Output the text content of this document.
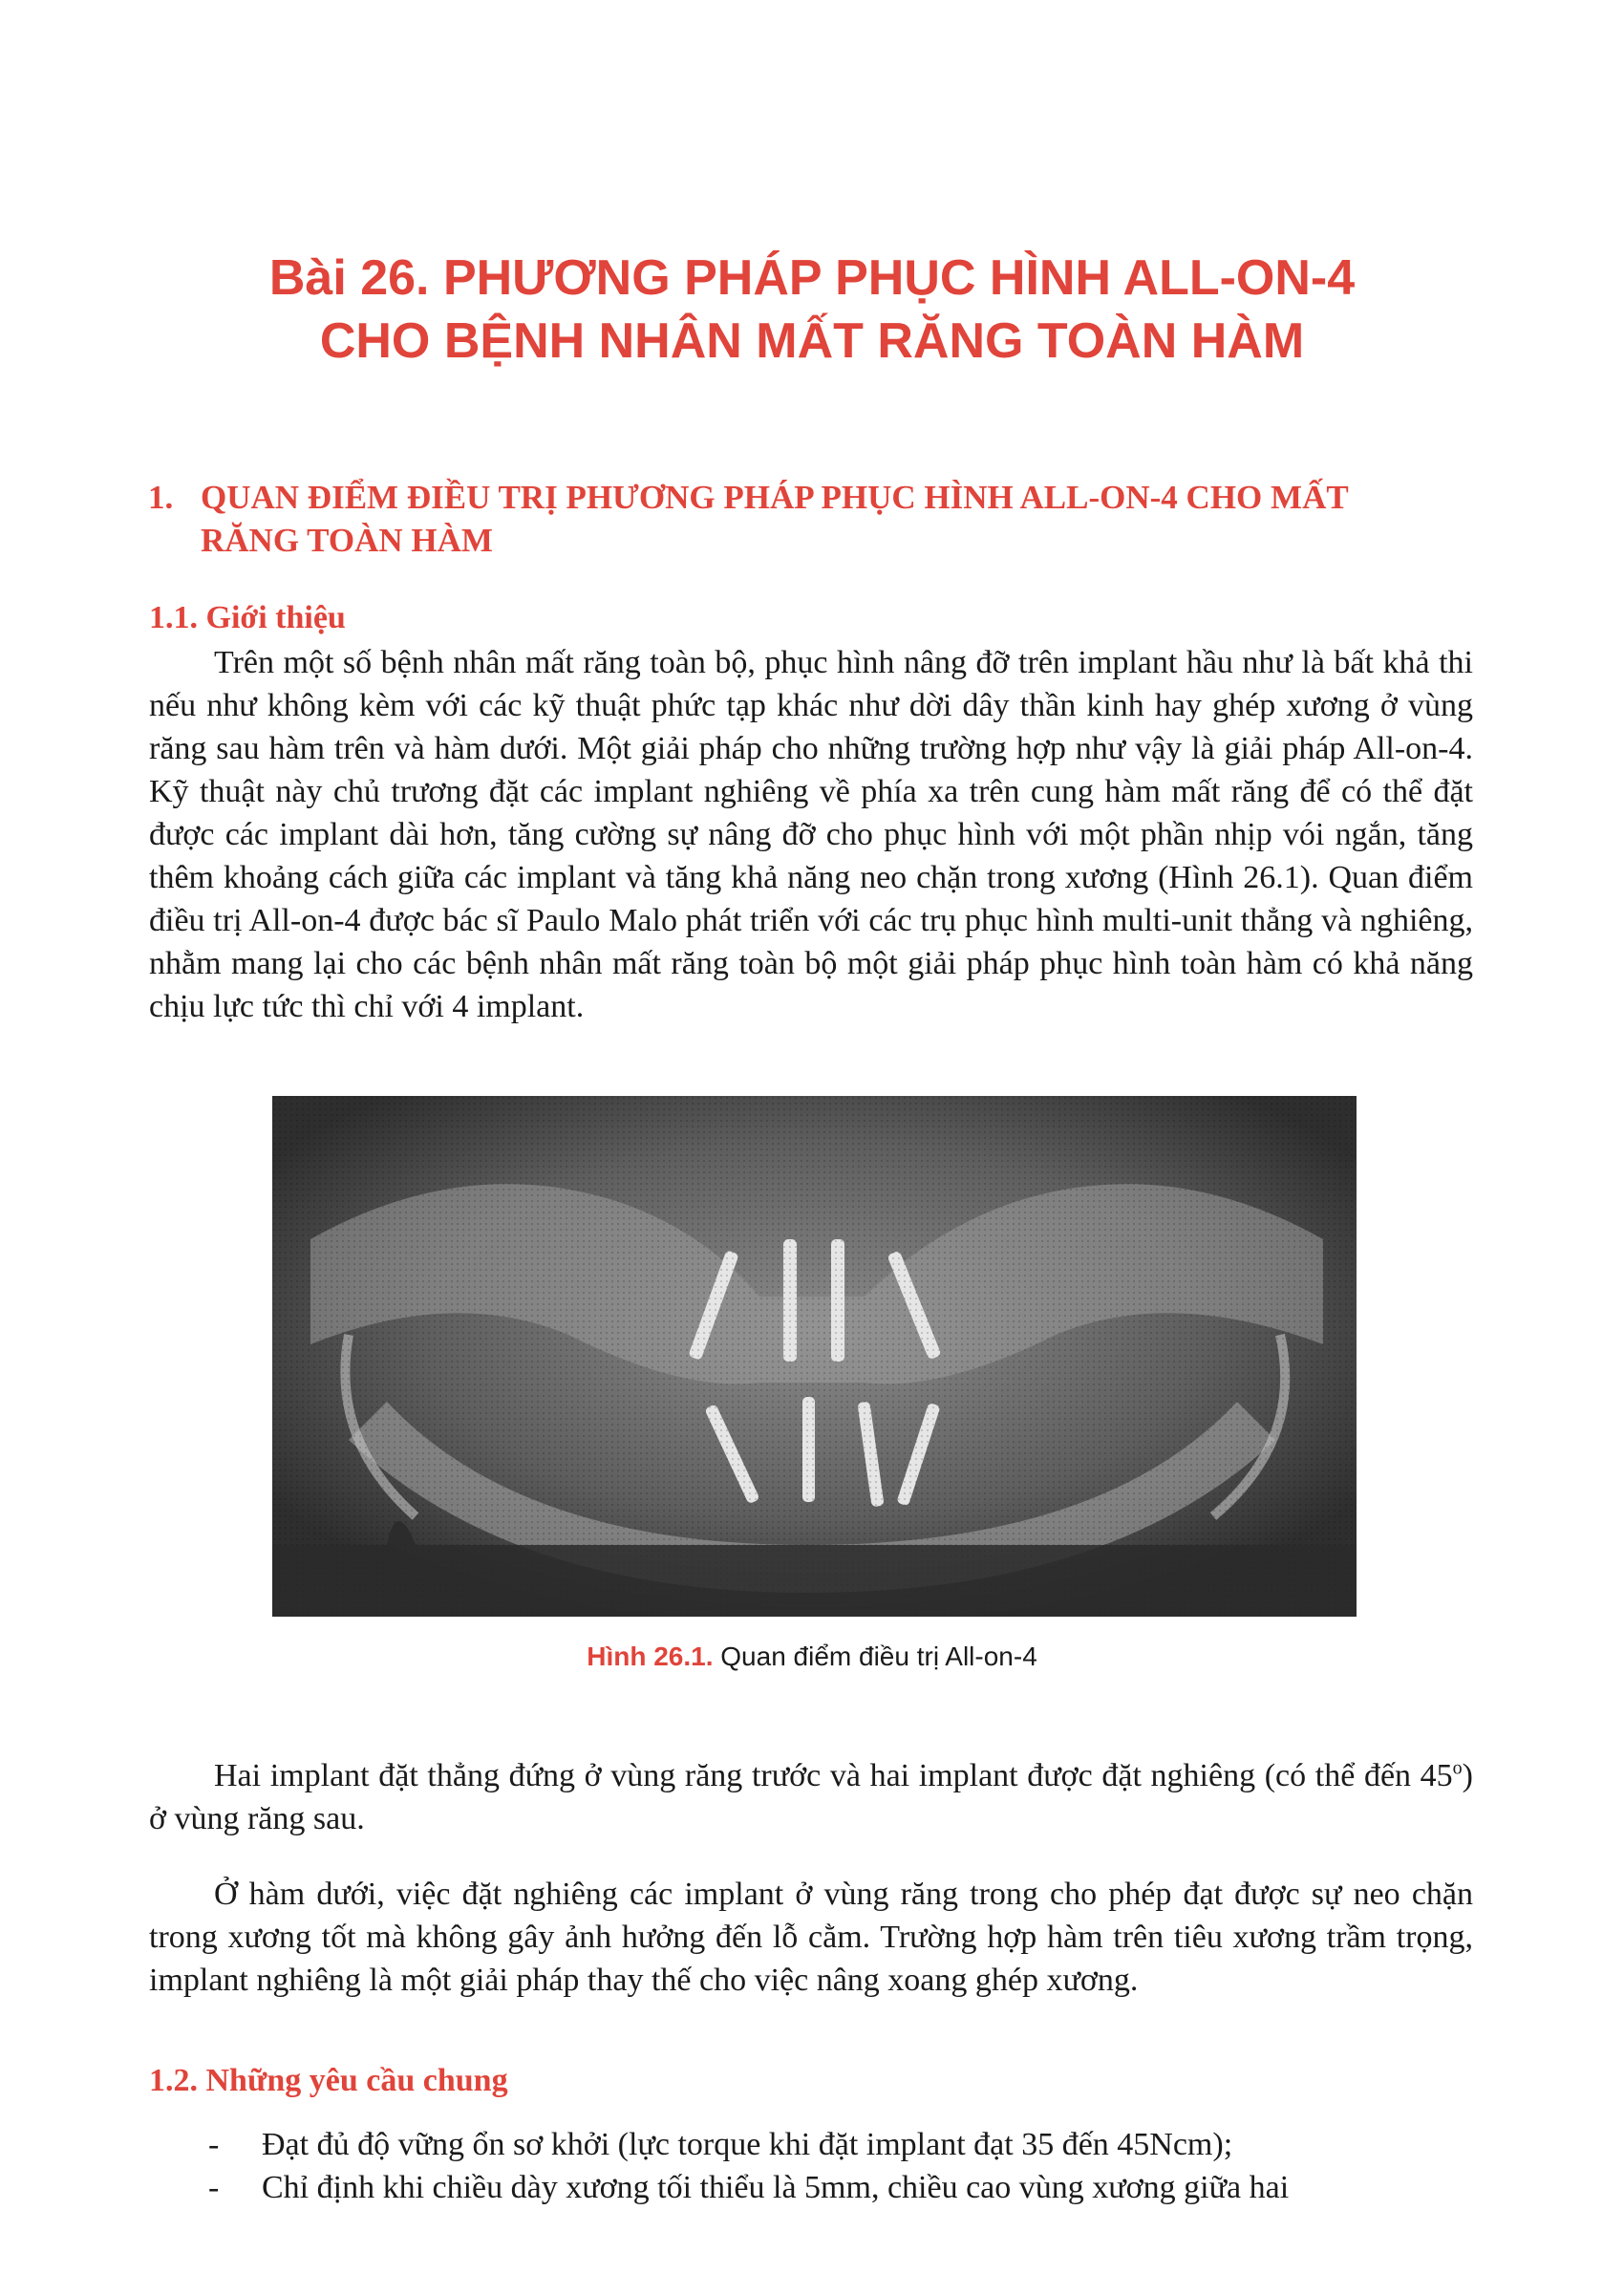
Bài 26. PHƯƠNG PHÁP PHỤC HÌNH ALL-ON-4
CHO BỆNH NHÂN MẤT RĂNG TOÀN HÀM
1. QUAN ĐIỂM ĐIỀU TRỊ PHƯƠNG PHÁP PHỤC HÌNH ALL-ON-4 CHO MẤT
RĂNG TOÀN HÀM
1.1. Giới thiệu

Trên một số bệnh nhân mất răng toàn bộ, phục hình nâng đỡ trên implant hầu như là bất khả thi nếu như không kèm với các kỹ thuật phức tạp khác như dời dây thần kinh hay ghép xương ở vùng răng sau hàm trên và hàm dưới. Một giải pháp cho những trường hợp như vậy là giải pháp All-on-4. Kỹ thuật này chủ trương đặt các implant nghiêng về phía xa trên cung hàm mất răng để có thể đặt được các implant dài hơn, tăng cường sự nâng đỡ cho phục hình với một phần nhịp vói ngắn, tăng thêm khoảng cách giữa các implant và tăng khả năng neo chặn trong xương (Hình 26.1). Quan điểm điều trị All-on-4 được bác sĩ Paulo Malo phát triển với các trụ phục hình multi-unit thẳng và nghiêng, nhằm mang lại cho các bệnh nhân mất răng toàn bộ một giải pháp phục hình toàn hàm có khả năng chịu lực tức thì chỉ với 4 implant.

Hình 26.1. Quan điểm điều trị All-on-4

Hai implant đặt thẳng đứng ở vùng răng trước và hai implant được đặt nghiêng (có thể đến 45$^o$) ở vùng răng sau.

Ở hàm dưới, việc đặt nghiêng các implant ở vùng răng trong cho phép đạt được sự neo chặn trong xương tốt mà không gây ảnh hưởng đến lỗ cằm. Trường hợp hàm trên tiêu xương trầm trọng, implant nghiêng là một giải pháp thay thế cho việc nâng xoang ghép xương.

1.2. Những yêu cầu chung
- Đạt đủ độ vững ổn sơ khởi (lực torque khi đặt implant đạt 35 đến 45Ncm);
- Chỉ định khi chiều dày xương tối thiểu là 5mm, chiều cao vùng xương giữa hai
